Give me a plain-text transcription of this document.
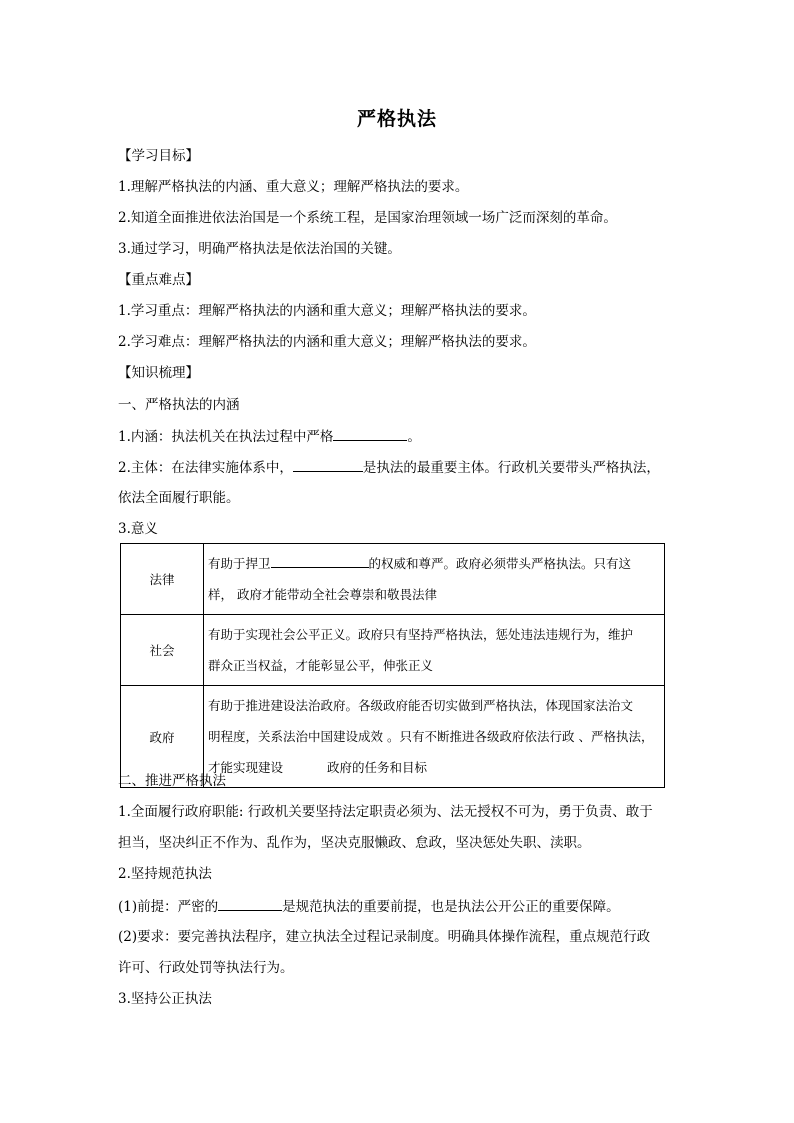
严格执法
【学习目标】
1.理解严格执法的内涵、重大意义；理解严格执法的要求。
2.知道全面推进依法治国是一个系统工程，是国家治理领域一场广泛而深刻的革命。
3.通过学习，明确严格执法是依法治国的关键。
【重点难点】
1.学习重点：理解严格执法的内涵和重大意义；理解严格执法的要求。
2.学习难点：理解严格执法的内涵和重大意义；理解严格执法的要求。
【知识梳理】
一、严格执法的内涵
1.内涵：执法机关在执法过程中严格	。
2.主体：在法律实施体系中，	是执法的最重要主体。行政机关要带头严格执法，
依法全面履行职能。
3.意义
法律	有助于捍卫 的权威和尊严。政府必须带头严格执法。只有这
样， 政府才能带动全社会尊崇和敬畏法律

社会	有助于实现社会公平正义。政府只有坚持严格执法，惩处违法违规行为，维护
群众正当权益，才能彰显公平，伸张正义

政府	有助于推进建设法治政府。各级政府能否切实做到严格执法，体现国家法治文
明程度，关系法治中国建设成效 。只有不断推进各级政府依法行政 、严格执法，
才能实现建设 政府的任务和目标
二、推进严格执法
1.全面履行政府职能: 行政机关要坚持法定职责必须为、法无授权不可为，勇于负责、敢于
担当，坚决纠正不作为、乱作为，坚决克服懒政、怠政，坚决惩处失职、渎职。
2.坚持规范执法
(1)前提：严密的	是规范执法的重要前提，也是执法公开公正的重要保障。
(2)要求：要完善执法程序，建立执法全过程记录制度。明确具体操作流程，重点规范行政
许可、行政处罚等执法行为。
3.坚持公正执法
